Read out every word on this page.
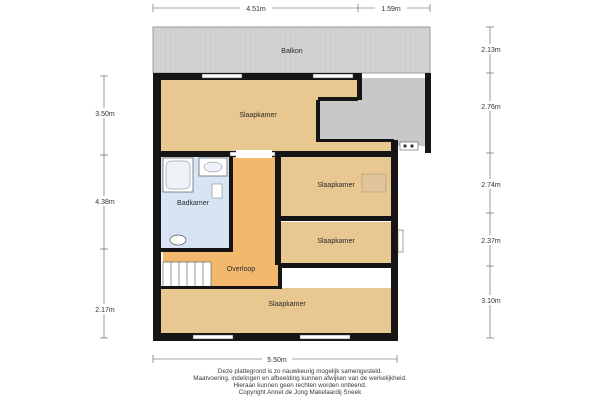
4.51m	1.59m
3.50m
4.38m
2.17m
2.13m
2.76m
2.74m
2.37m
3.10m
5.50m
Balkon
Slaapkamer
Slaapkamer
Badkamer
Slaapkamer
Overloop
Slaapkamer
Deze plattegrond is zo nauwkeurig mogelijk samengesteld.
Maatvoering, indelingen en afbeelding kunnen afwijken van de werkelijkheid.
Hieraan kunnen geen rechten worden ontleend.
Copyright Annet de Jong Makelaardij Sneek
